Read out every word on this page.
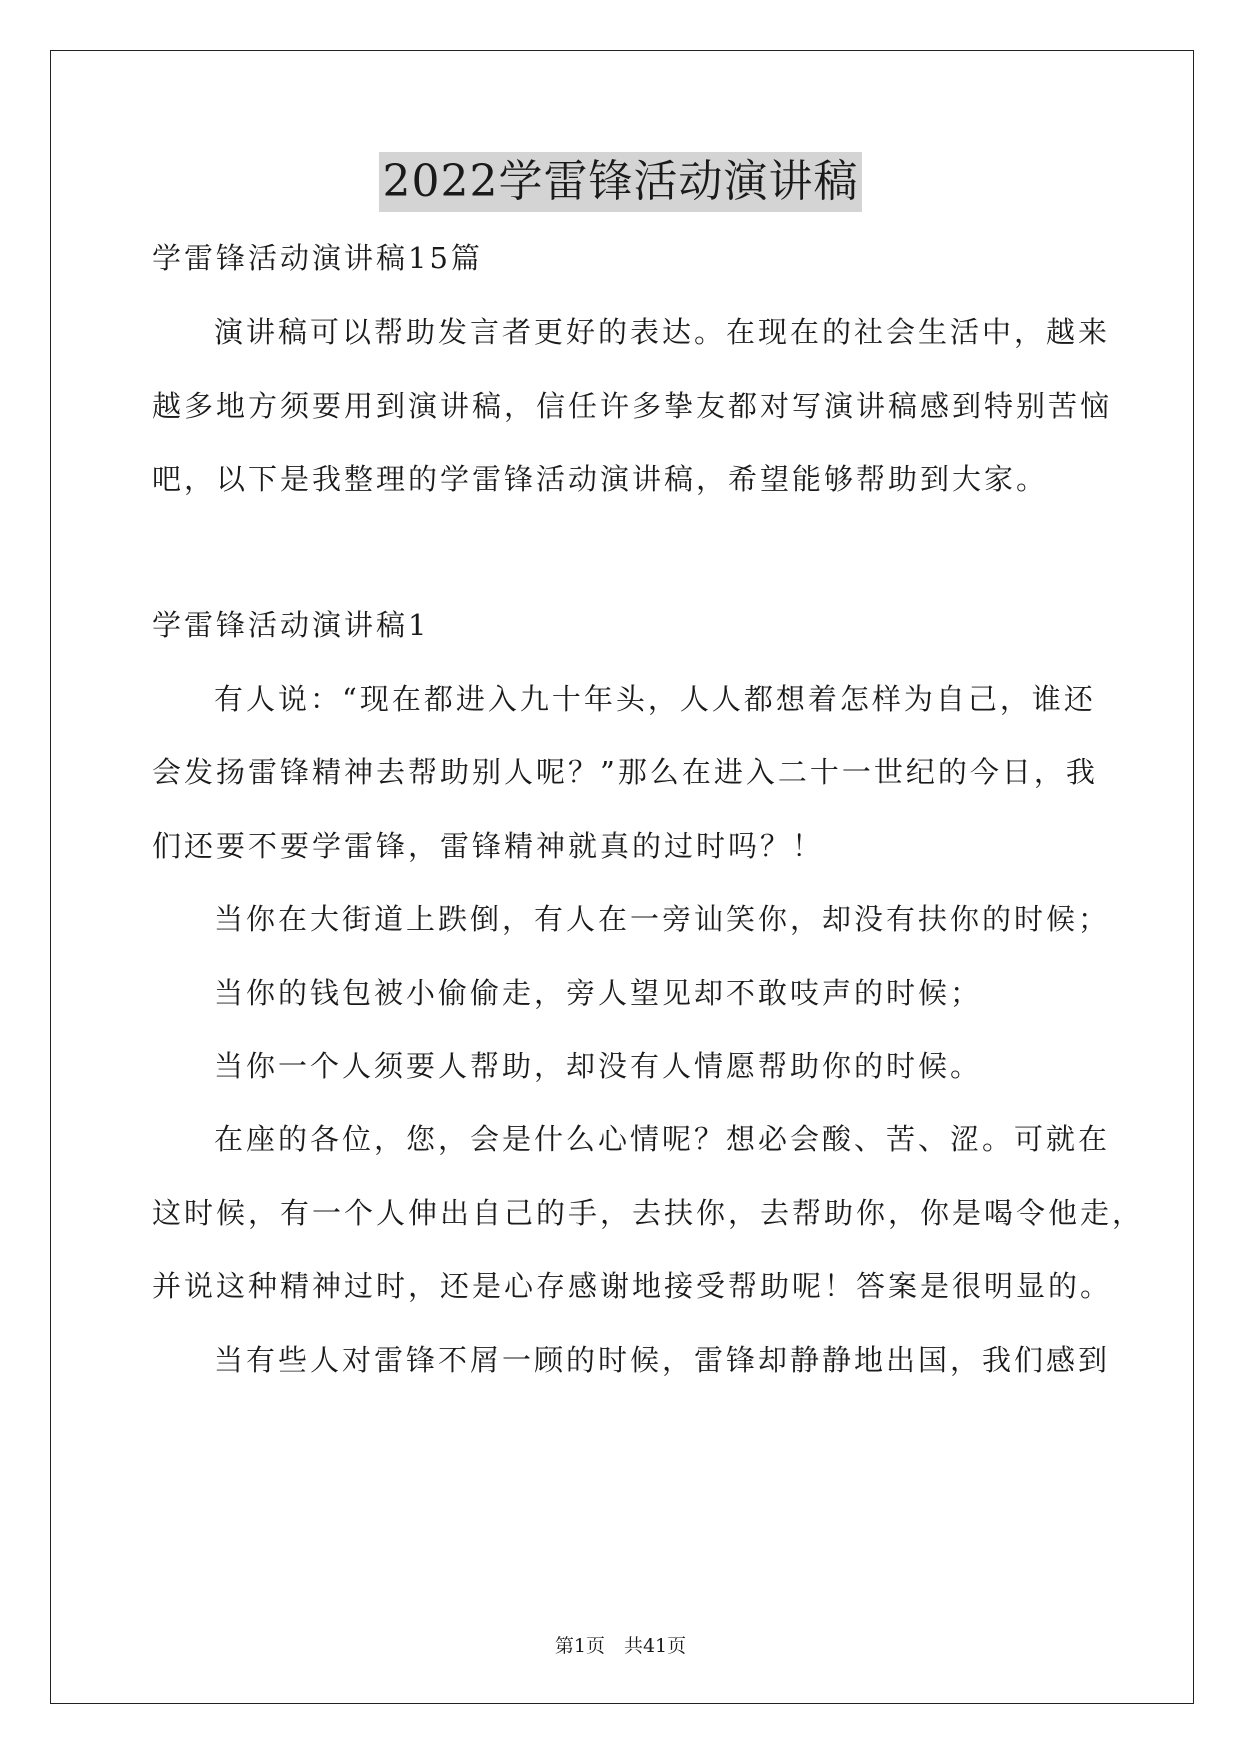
2022学雷锋活动演讲稿
学雷锋活动演讲稿15篇
演讲稿可以帮助发言者更好的表达。在现在的社会生活中，越来
越多地方须要用到演讲稿，信任许多挚友都对写演讲稿感到特别苦恼
吧，以下是我整理的学雷锋活动演讲稿，希望能够帮助到大家。
学雷锋活动演讲稿1
有人说：“现在都进入九十年头，人人都想着怎样为自己，谁还
会发扬雷锋精神去帮助别人呢？”那么在进入二十一世纪的今日，我
们还要不要学雷锋，雷锋精神就真的过时吗？！
当你在大街道上跌倒，有人在一旁讪笑你，却没有扶你的时候；
当你的钱包被小偷偷走，旁人望见却不敢吱声的时候；
当你一个人须要人帮助，却没有人情愿帮助你的时候。
在座的各位，您，会是什么心情呢？想必会酸、苦、涩。可就在
这时候，有一个人伸出自己的手，去扶你，去帮助你，你是喝令他走，
并说这种精神过时，还是心存感谢地接受帮助呢！答案是很明显的。
当有些人对雷锋不屑一顾的时候，雷锋却静静地出国，我们感到
第1页　共41页
